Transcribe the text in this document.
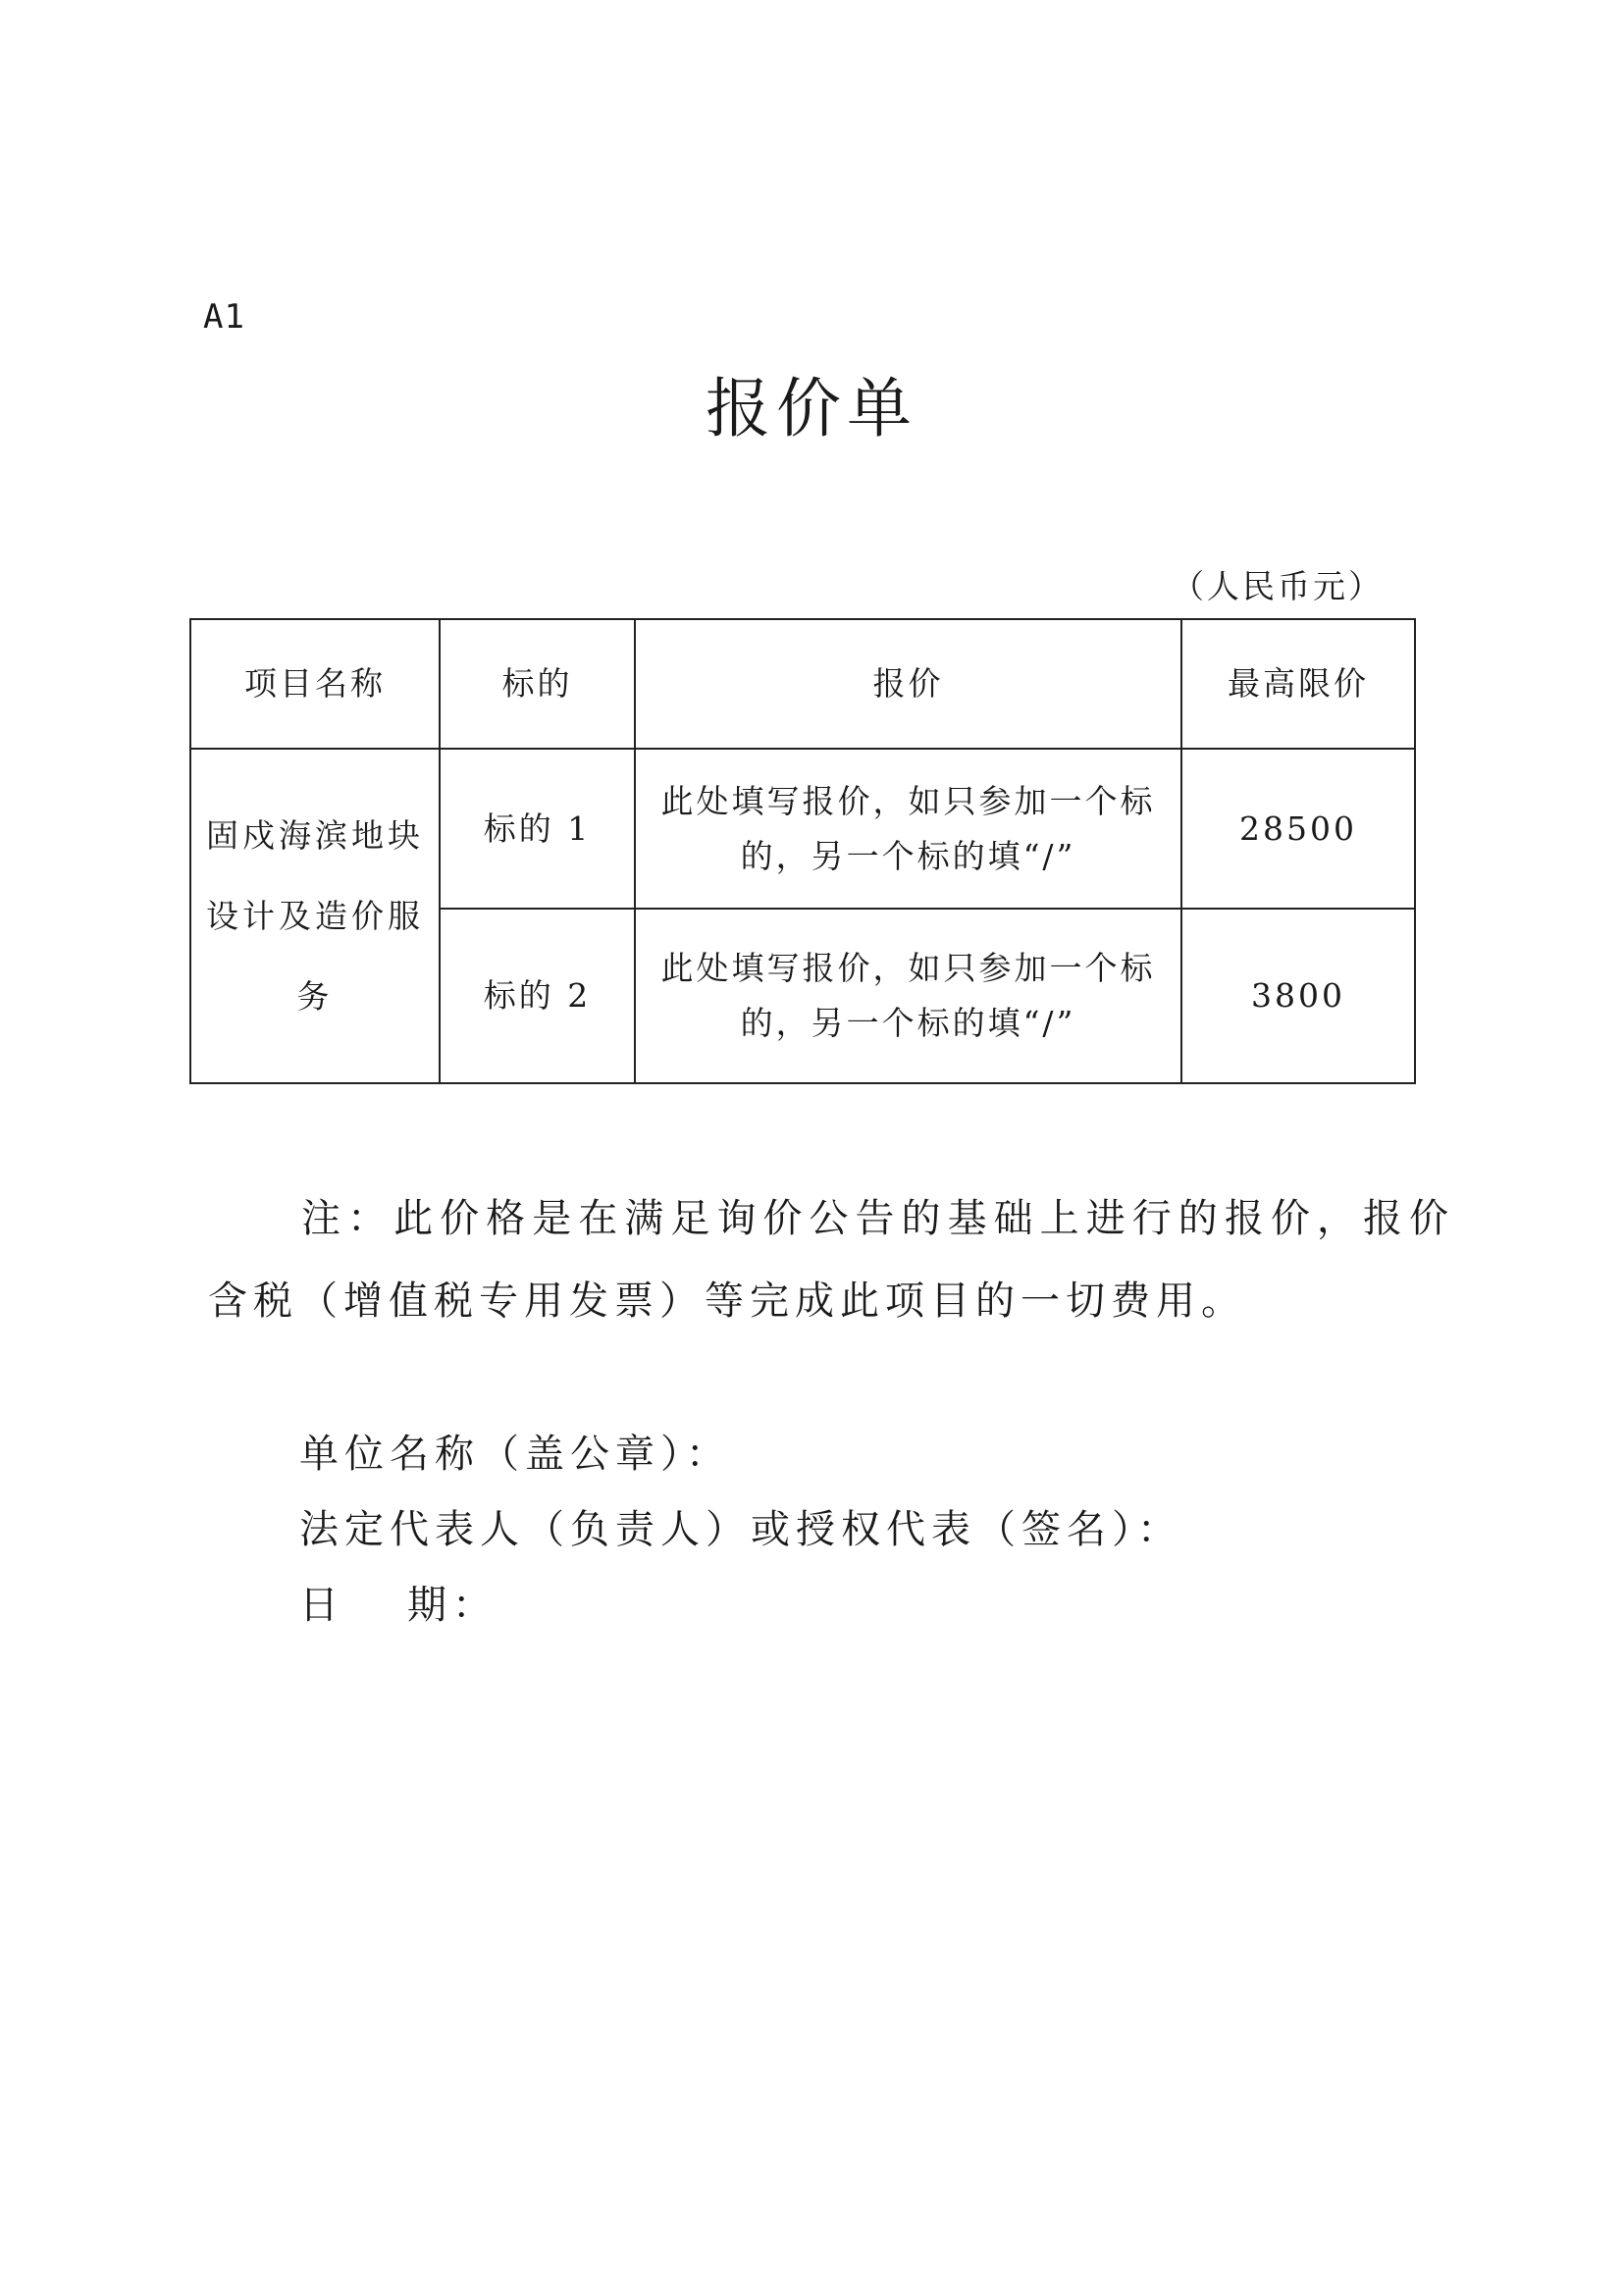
A1
报价单
（人民币元）
项目名称	标的	报价	最高限价

固戍海滨地块设计及造价服务	标的 1	此处填写报价，如只参加一个标的，另一个标的填“/”	28500
	标的 2	此处填写报价，如只参加一个标的，另一个标的填“/”	3800
注：此价格是在满足询价公告的基础上进行的报价，报价含税（增值税专用发票）等完成此项目的一切费用。
单位名称（盖公章）：
法定代表人（负责人）或授权代表（签名）：
日 期：
